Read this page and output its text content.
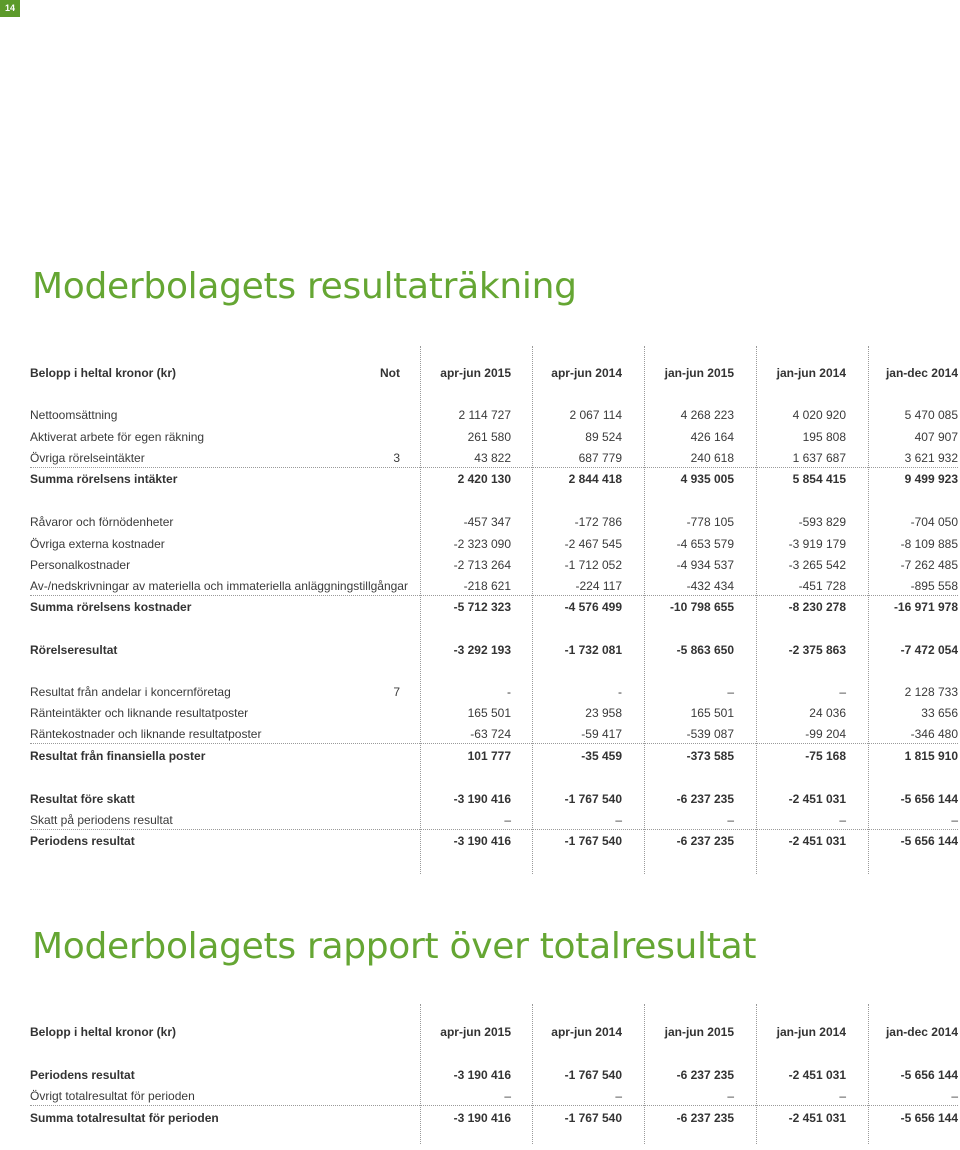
14
Moderbolagets resultaträkning
Belopp i heltal kronor (kr)	Not	apr-jun 2015	apr-jun 2014	jan-jun 2015	jan-jun 2014	jan-dec 2014
Nettoomsättning	2 114 727	2 067 114	4 268 223	4 020 920	5 470 085
Aktiverat arbete för egen räkning	261 580	89 524	426 164	195 808	407 907
Övriga rörelseintäkter	3	43 822	687 779	240 618	1 637 687	3 621 932
Summa rörelsens intäkter	2 420 130	2 844 418	4 935 005	5 854 415	9 499 923
Råvaror och förnödenheter	-457 347	-172 786	-778 105	-593 829	-704 050
Övriga externa kostnader	-2 323 090	-2 467 545	-4 653 579	-3 919 179	-8 109 885
Personalkostnader	-2 713 264	-1 712 052	-4 934 537	-3 265 542	-7 262 485
Av-/nedskrivningar av materiella och immateriella anläggningstillgångar	-218 621	-224 117	-432 434	-451 728	-895 558
Summa rörelsens kostnader	-5 712 323	-4 576 499	-10 798 655	-8 230 278	-16 971 978
Rörelseresultat	-3 292 193	-1 732 081	-5 863 650	-2 375 863	-7 472 054
Resultat från andelar i koncernföretag	7	-	-	–	–	2 128 733
Ränteintäkter och liknande resultatposter	165 501	23 958	165 501	24 036	33 656
Räntekostnader och liknande resultatposter	-63 724	-59 417	-539 087	-99 204	-346 480
Resultat från finansiella poster	101 777	-35 459	-373 585	-75 168	1 815 910
Resultat före skatt	-3 190 416	-1 767 540	-6 237 235	-2 451 031	-5 656 144
Skatt på periodens resultat	–	–	–	–	–
Periodens resultat	-3 190 416	-1 767 540	-6 237 235	-2 451 031	-5 656 144
Moderbolagets rapport över totalresultat
Belopp i heltal kronor (kr)	apr-jun 2015	apr-jun 2014	jan-jun 2015	jan-jun 2014	jan-dec 2014
Periodens resultat	-3 190 416	-1 767 540	-6 237 235	-2 451 031	-5 656 144
Övrigt totalresultat för perioden	–	–	–	–	–
Summa totalresultat för perioden	-3 190 416	-1 767 540	-6 237 235	-2 451 031	-5 656 144
